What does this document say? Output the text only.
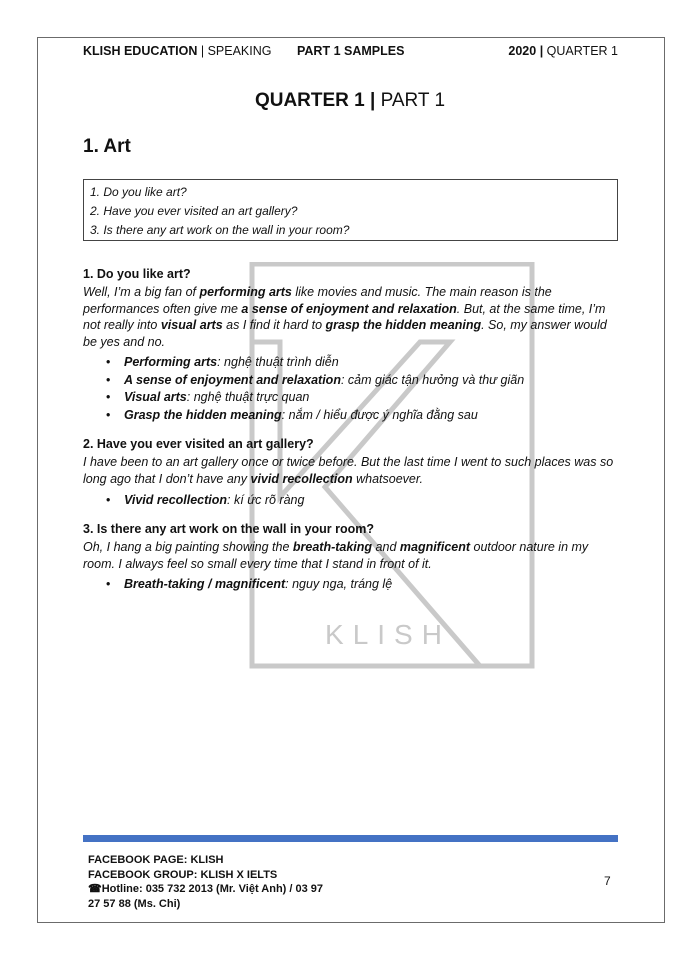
KLISH EDUCATION | SPEAKING PART 1 SAMPLES	2020 | QUARTER 1
KLISH
QUARTER 1 | PART 1
1. Art
1. Do you like art?
2. Have you ever visited an art gallery?
3. Is there any art work on the wall in your room?

1. Do you like art?

Well, I’m a big fan of performing arts like movies and music. The main reason is the performances often give me a sense of enjoyment and relaxation. But, at the same time, I’m not really into visual arts as I find it hard to grasp the hidden meaning. So, my answer would be yes and no.

• Performing arts: nghệ thuật trình diễn
• A sense of enjoyment and relaxation: cảm giác tận hưởng và thư giãn
• Visual arts: nghệ thuật trực quan
• Grasp the hidden meaning: nắm / hiểu được ý nghĩa đằng sau

2. Have you ever visited an art gallery?

I have been to an art gallery once or twice before. But the last time I went to such places was so long ago that I don’t have any vivid recollection whatsoever.

• Vivid recollection: kí ức rõ ràng

3. Is there any art work on the wall in your room?

Oh, I hang a big painting showing the breath-taking and magnificent outdoor nature in my room. I always feel so small every time that I stand in front of it.

• Breath-taking / magnificent: nguy nga, tráng lệ
FACEBOOK PAGE: KLISH
FACEBOOK GROUP: KLISH X IELTS
☎Hotline: 035 732 2013 (Mr. Việt Anh) / 03 97
27 57 88 (Ms. Chi)
7
